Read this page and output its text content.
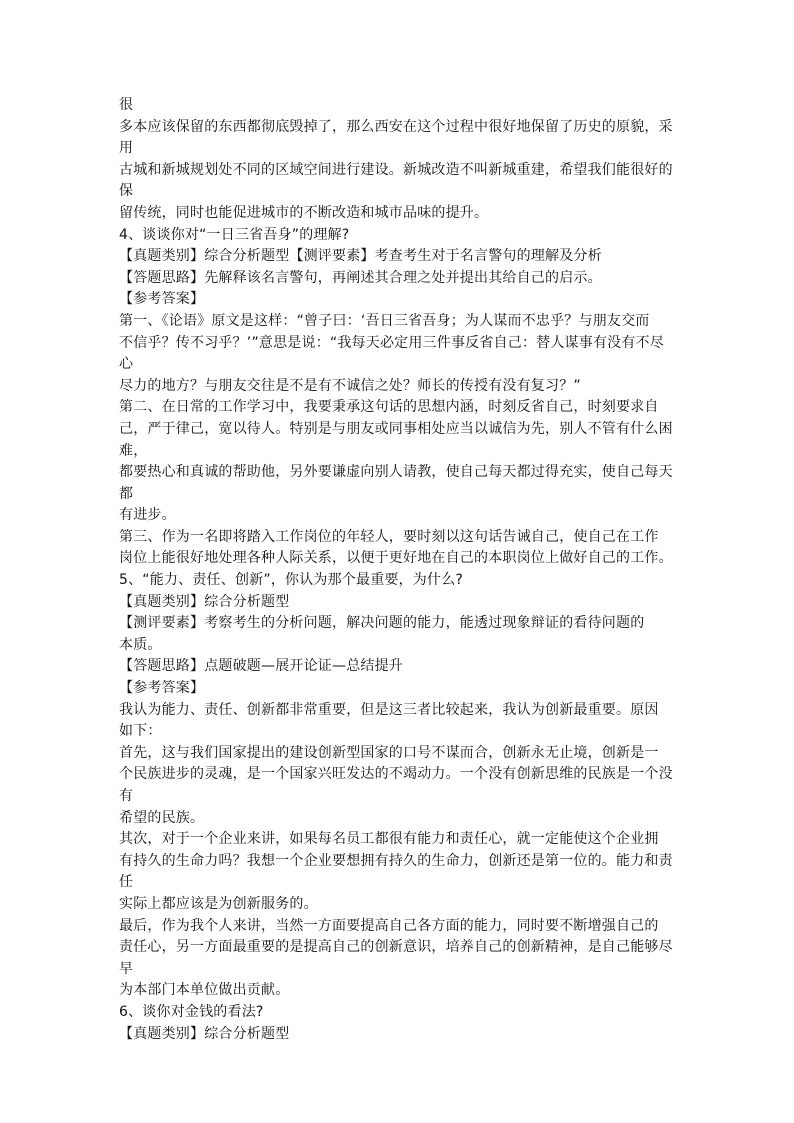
很
多本应该保留的东西都彻底毁掉了，那么西安在这个过程中很好地保留了历史的原貌，采
用
古城和新城规划处不同的区域空间进行建设。新城改造不叫新城重建，希望我们能很好的
保
留传统，同时也能促进城市的不断改造和城市品味的提升。
4、谈谈你对“一日三省吾身”的理解?
【真题类别】综合分析题型【测评要素】考查考生对于名言警句的理解及分析
【答题思路】先解释该名言警句，再阐述其合理之处并提出其给自己的启示。
【参考答案】
第一、《论语》原文是这样：“曾子曰：‘吾日三省吾身；为人谋而不忠乎？与朋友交而
不信乎？传不习乎？’”意思是说：“我每天必定用三件事反省自己：替人谋事有没有不尽
心
尽力的地方？与朋友交往是不是有不诚信之处？师长的传授有没有复习？”
第二、在日常的工作学习中，我要秉承这句话的思想内涵，时刻反省自己，时刻要求自
己，严于律己，宽以待人。特别是与朋友或同事相处应当以诚信为先，别人不管有什么困
难，
都要热心和真诚的帮助他，另外要谦虚向别人请教，使自己每天都过得充实，使自己每天
都
有进步。
第三、作为一名即将踏入工作岗位的年轻人，要时刻以这句话告诫自己，使自己在工作
岗位上能很好地处理各种人际关系，以便于更好地在自己的本职岗位上做好自己的工作。
5、“能力、责任、创新”，你认为那个最重要，为什么?
【真题类别】综合分析题型
【测评要素】考察考生的分析问题，解决问题的能力，能透过现象辩证的看待问题的
本质。
【答题思路】点题破题—展开论证—总结提升
【参考答案】
我认为能力、责任、创新都非常重要，但是这三者比较起来，我认为创新最重要。原因
如下：
首先，这与我们国家提出的建设创新型国家的口号不谋而合，创新永无止境，创新是一
个民族进步的灵魂，是一个国家兴旺发达的不竭动力。一个没有创新思维的民族是一个没
有
希望的民族。
其次，对于一个企业来讲，如果每名员工都很有能力和责任心，就一定能使这个企业拥
有持久的生命力吗？我想一个企业要想拥有持久的生命力，创新还是第一位的。能力和责
任
实际上都应该是为创新服务的。
最后，作为我个人来讲，当然一方面要提高自己各方面的能力，同时要不断增强自己的
责任心，另一方面最重要的是提高自己的创新意识，培养自己的创新精神，是自己能够尽
早
为本部门本单位做出贡献。
6、谈你对金钱的看法?
【真题类别】综合分析题型
